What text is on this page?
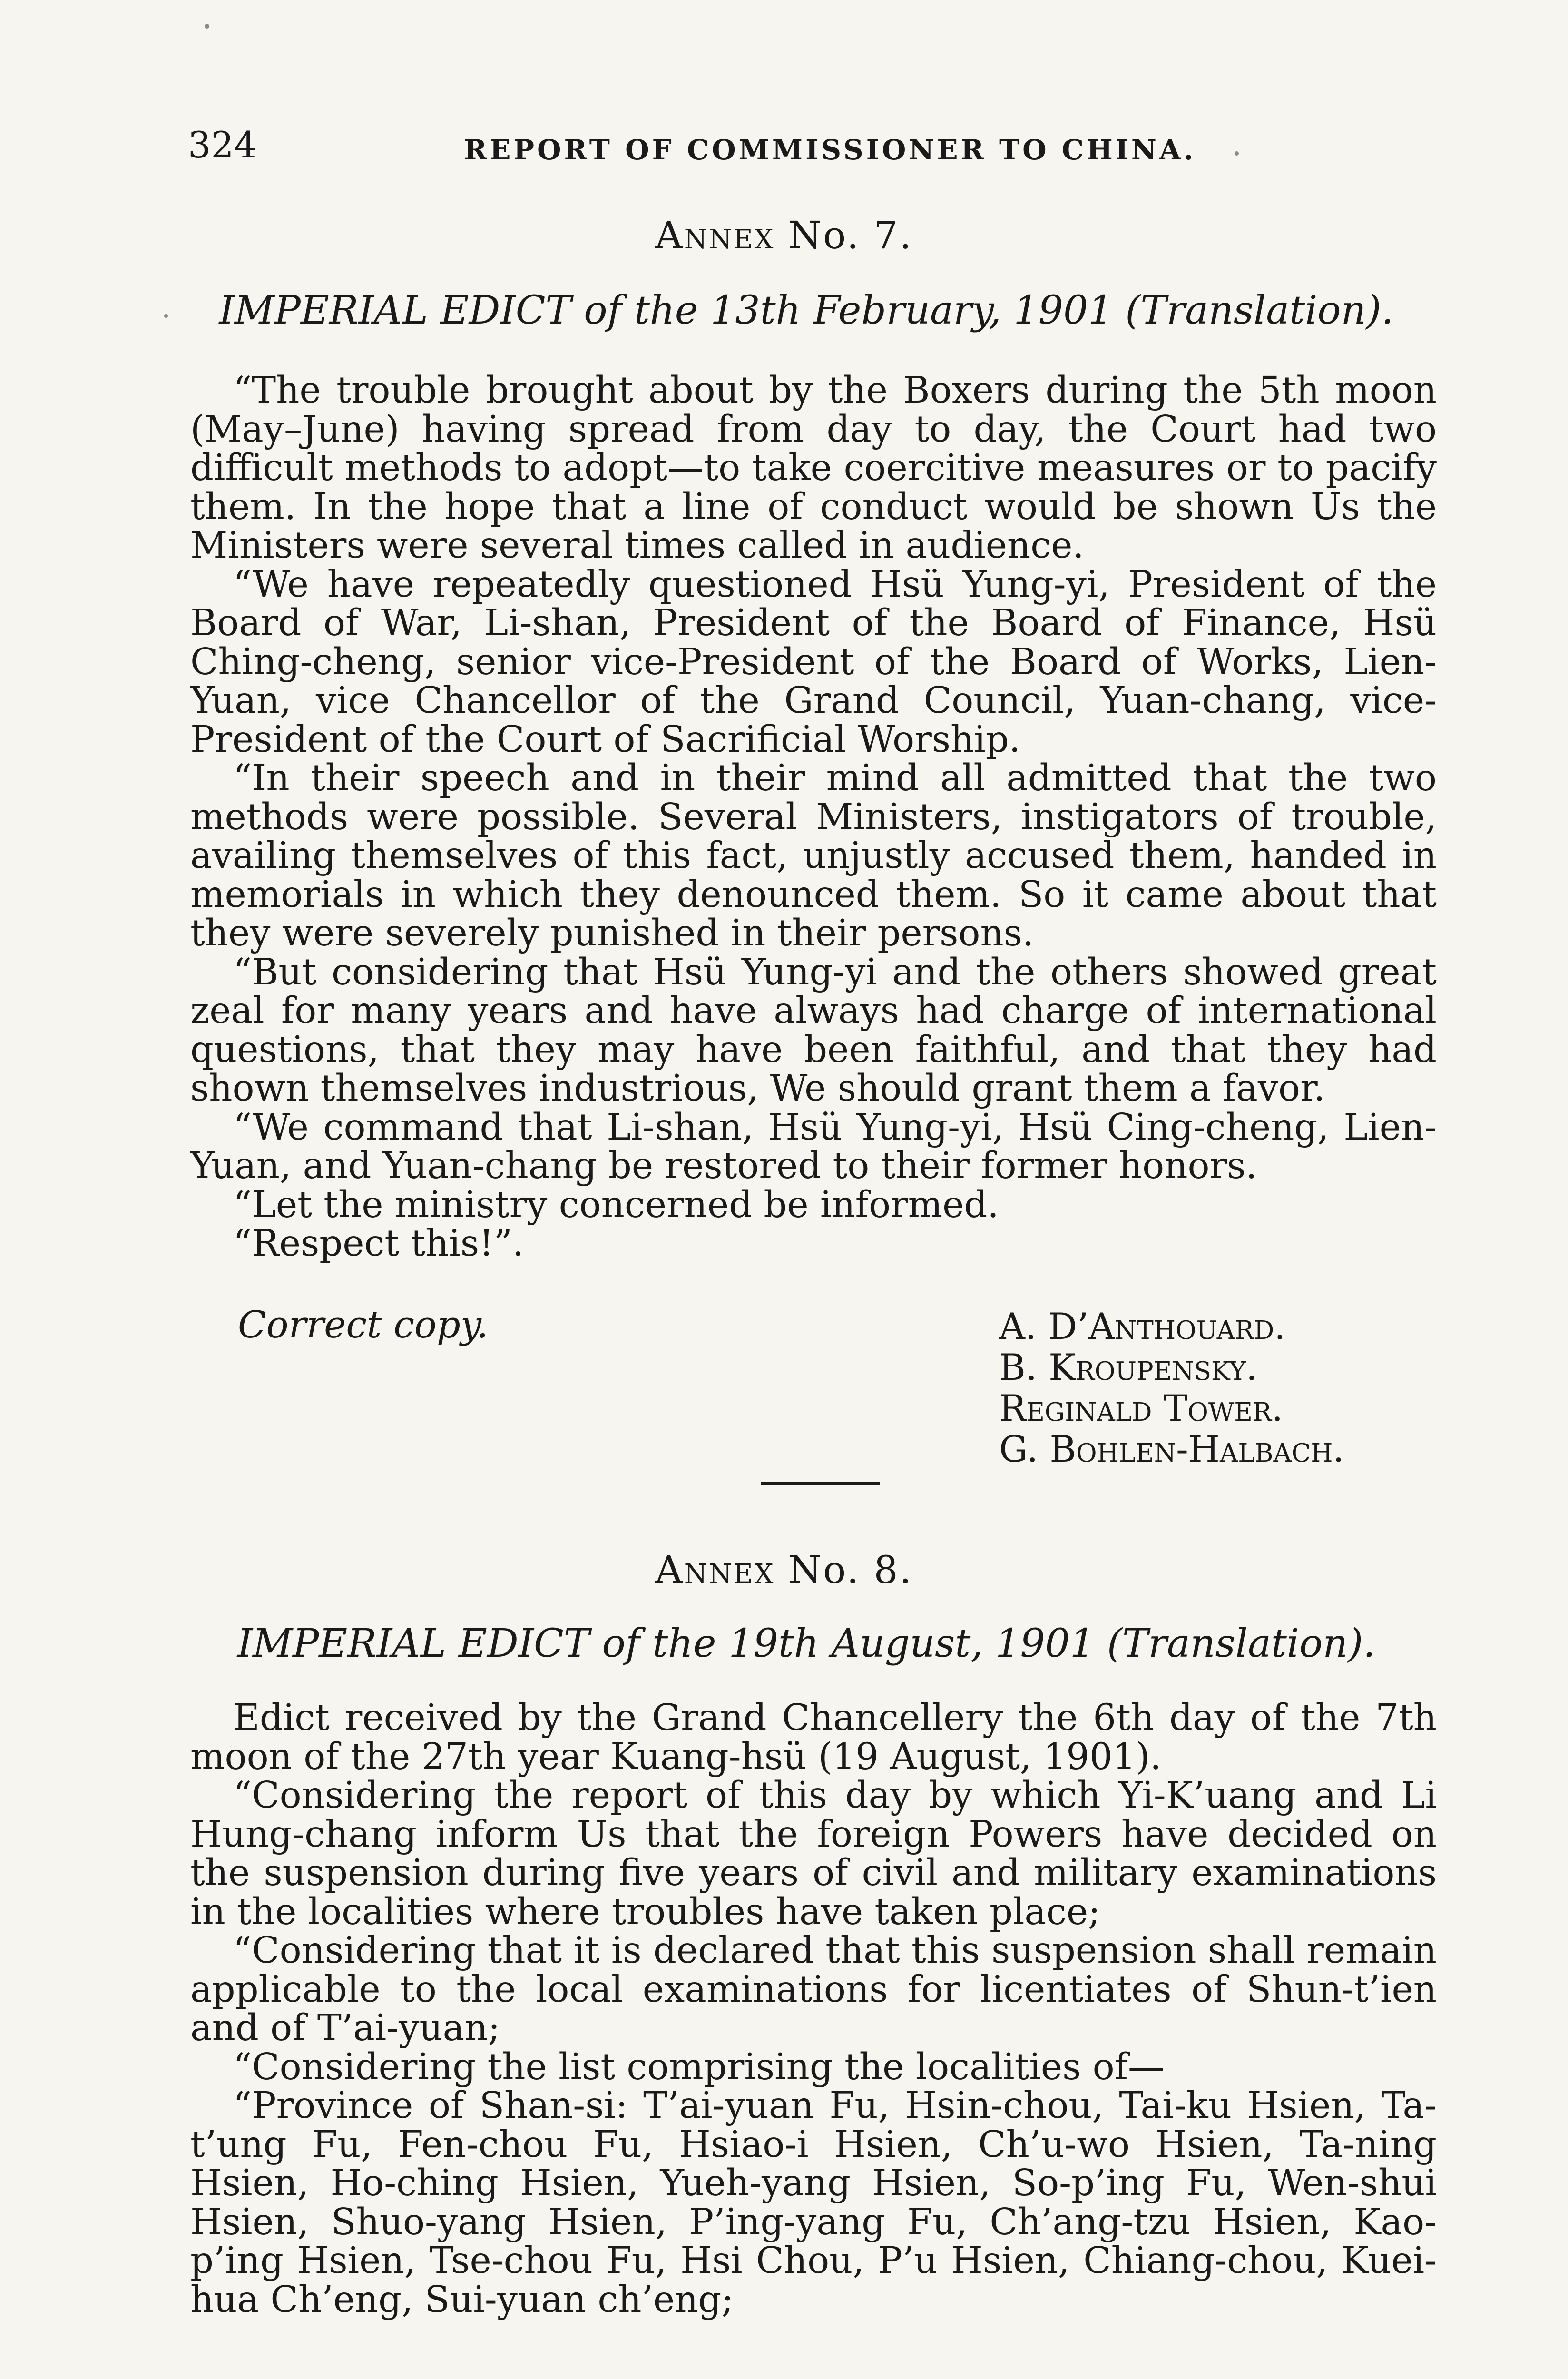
324	REPORT OF COMMISSIONER TO CHINA.
Annex No. 7.
IMPERIAL EDICT of the 13th February, 1901 (Translation).

“The trouble brought about by the Boxers during the 5th moon (May–June) having spread from day to day, the Court had two difficult methods to adopt—to take coercitive measures or to pacify them. In the hope that a line of conduct would be shown Us the Ministers were several times called in audience.

“We have repeatedly questioned Hsü Yung-yi, President of the Board of War, Li-shan, President of the Board of Finance, Hsü Ching-cheng, senior vice-President of the Board of Works, Lien-Yuan, vice Chancellor of the Grand Council, Yuan-chang, vice-President of the Court of Sacrificial Worship.

“In their speech and in their mind all admitted that the two methods were possible. Several Ministers, instigators of trouble, availing themselves of this fact, unjustly accused them, handed in memorials in which they denounced them. So it came about that they were severely punished in their persons.

“But considering that Hsü Yung-yi and the others showed great zeal for many years and have always had charge of international questions, that they may have been faithful, and that they had shown themselves industrious, We should grant them a favor.

“We command that Li-shan, Hsü Yung-yi, Hsü Cing-cheng, Lien-Yuan, and Yuan-chang be restored to their former honors.

“Let the ministry concerned be informed.

“Respect this!”.

Correct copy.	A. D’Anthouard.
B. Kroupensky.
Reginald Tower.
G. Bohlen-Halbach.
Annex No. 8.
IMPERIAL EDICT of the 19th August, 1901 (Translation).

Edict received by the Grand Chancellery the 6th day of the 7th moon of the 27th year Kuang-hsü (19 August, 1901).

“Considering the report of this day by which Yi-K’uang and Li Hung-chang inform Us that the foreign Powers have decided on the suspension during five years of civil and military examinations in the localities where troubles have taken place;

“Considering that it is declared that this suspension shall remain applicable to the local examinations for licentiates of Shun-t’ien and of T’ai-yuan;

“Considering the list comprising the localities of—

“Province of Shan-si: T’ai-yuan Fu, Hsin-chou, Tai-ku Hsien, Ta-t’ung Fu, Fen-chou Fu, Hsiao-i Hsien, Ch’u-wo Hsien, Ta-ning Hsien, Ho-ching Hsien, Yueh-yang Hsien, So-p’ing Fu, Wen-shui Hsien, Shuo-yang Hsien, P’ing-yang Fu, Ch’ang-tzu Hsien, Kao-p’ing Hsien, Tse-chou Fu, Hsi Chou, P’u Hsien, Chiang-chou, Kuei-hua Ch’eng, Sui-yuan ch’eng;
